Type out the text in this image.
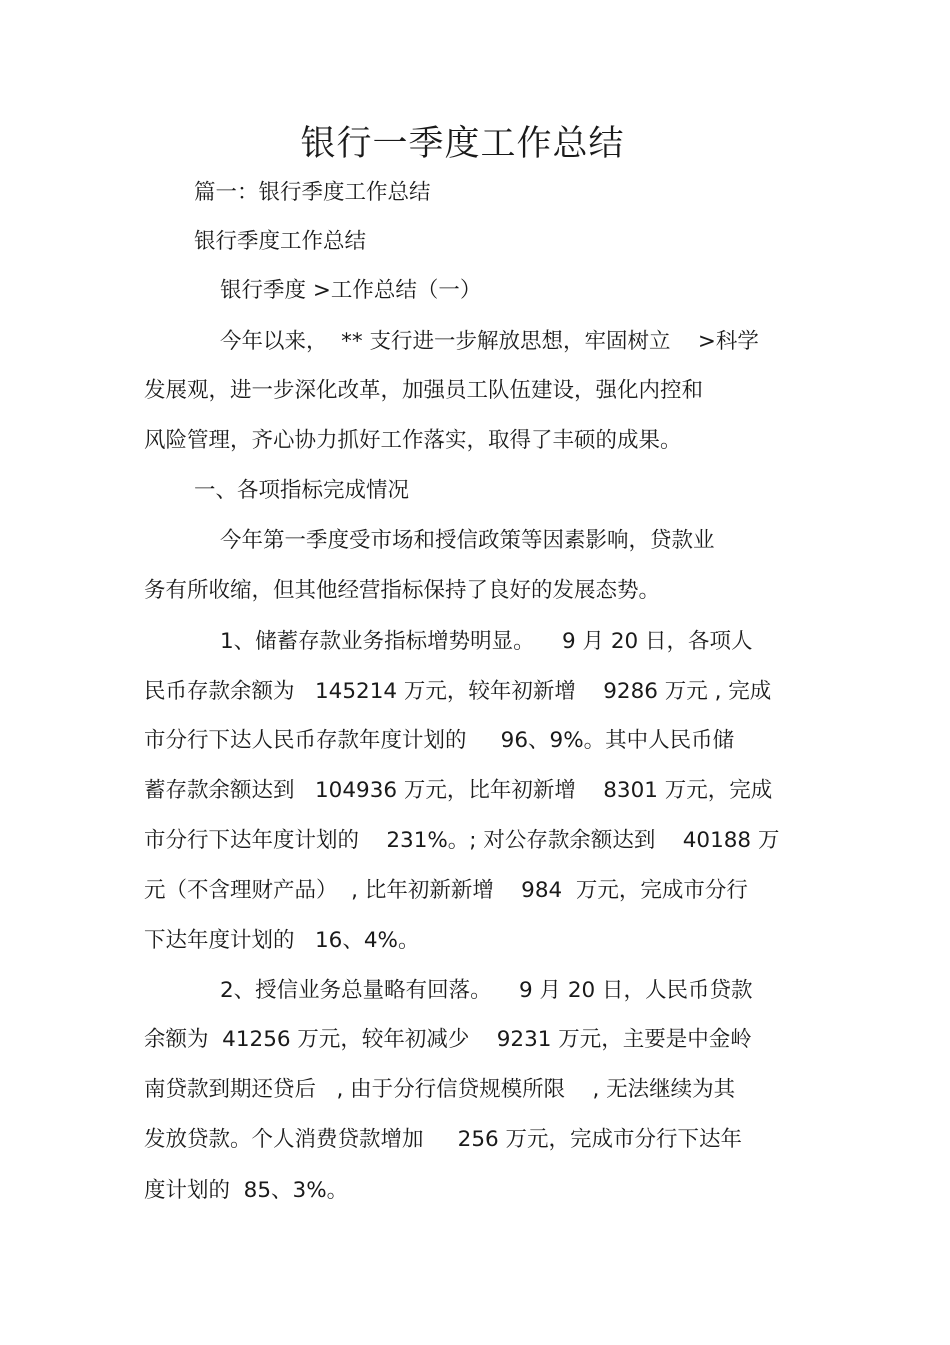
银行一季度工作总结
篇一：银行季度工作总结
银行季度工作总结
银行季度 >工作总结（一）
今年以来，  ** 支行进一步解放思想，牢固树立    >科学
发展观，进一步深化改革，加强员工队伍建设，强化内控和
风险管理，齐心协力抓好工作落实，取得了丰硕的成果。
一、各项指标完成情况
今年第一季度受市场和授信政策等因素影响，贷款业
务有所收缩，但其他经营指标保持了良好的发展态势。
1、储蓄存款业务指标增势明显。    9 月 20 日，各项人
民币存款余额为   145214 万元，较年初新增    9286 万元 , 完成
市分行下达人民币存款年度计划的     96、9%。其中人民币储
蓄存款余额达到   104936 万元，比年初新增    8301 万元，完成
市分行下达年度计划的    231%。; 对公存款余额达到    40188 万
元（不含理财产品）  , 比年初新新增    984  万元，完成市分行
下达年度计划的   16、4%。
2、授信业务总量略有回落。    9 月 20 日，人民币贷款
余额为  41256 万元，较年初减少    9231 万元，主要是中金岭
南贷款到期还贷后   , 由于分行信贷规模所限    , 无法继续为其
发放贷款。个人消费贷款增加     256 万元，完成市分行下达年
度计划的  85、3%。
